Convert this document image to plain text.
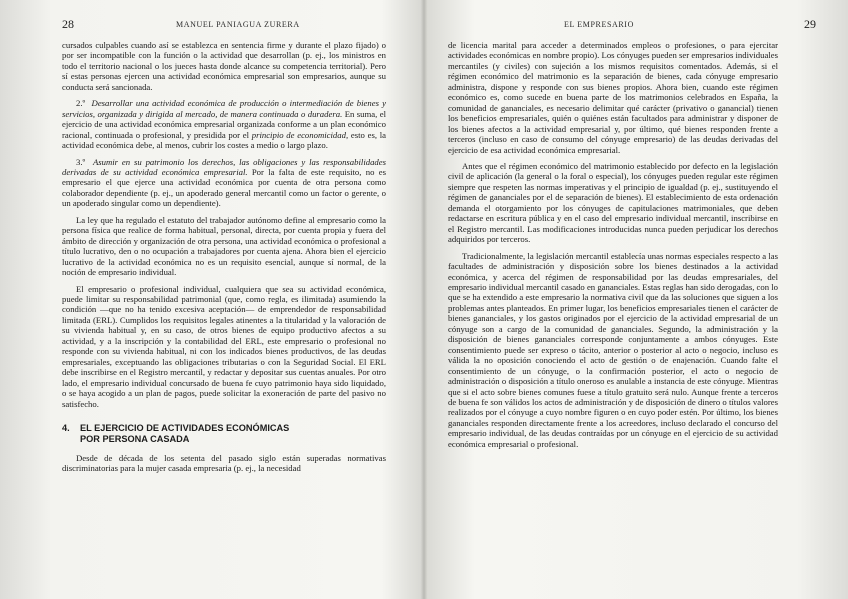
28	MANUEL PANIAGUA ZURERA

cursados culpables cuando así se establezca en sentencia firme y durante el plazo fijado) o por ser incompatible con la función o la actividad que desarrollan (p. ej., los ministros en todo el territorio nacional o los jueces hasta donde alcance su competencia territorial). Pero sí estas personas ejercen una actividad económica empresarial son empresarios, aunque su conducta será sancionada.

2.º Desarrollar una actividad económica de producción o intermediación de bienes y servicios, organizada y dirigida al mercado, de manera continuada o duradera. En suma, el ejercicio de una actividad económica empresarial organizada conforme a un plan económico racional, continuada o profesional, y presidida por el principio de economicidad, esto es, la actividad económica debe, al menos, cubrir los costes a medio o largo plazo.

3.º Asumir en su patrimonio los derechos, las obligaciones y las responsabilidades derivadas de su actividad económica empresarial. Por la falta de este requisito, no es empresario el que ejerce una actividad económica por cuenta de otra persona como colaborador dependiente (p. ej., un apoderado general mercantil como un factor o gerente, o un apoderado singular como un dependiente).

La ley que ha regulado el estatuto del trabajador autónomo define al empresario como la persona física que realice de forma habitual, personal, directa, por cuenta propia y fuera del ámbito de dirección y organización de otra persona, una actividad económica o profesional a título lucrativo, den o no ocupación a trabajadores por cuenta ajena. Ahora bien el ejercicio lucrativo de la actividad económica no es un requisito esencial, aunque sí normal, de la noción de empresario individual.

El empresario o profesional individual, cualquiera que sea su actividad económica, puede limitar su responsabilidad patrimonial (que, como regla, es ilimitada) asumiendo la condición —que no ha tenido excesiva aceptación— de emprendedor de responsabilidad limitada (ERL). Cumplidos los requisitos legales atinentes a la titularidad y la valoración de su vivienda habitual y, en su caso, de otros bienes de equipo productivo afectos a su actividad, y a la inscripción y la contabilidad del ERL, este empresario o profesional no responde con su vivienda habitual, ni con los indicados bienes productivos, de las deudas empresariales, exceptuando las obligaciones tributarias o con la Seguridad Social. El ERL debe inscribirse en el Registro mercantil, y redactar y depositar sus cuentas anuales. Por otro lado, el empresario individual concursado de buena fe cuyo patrimonio haya sido liquidado, o se haya acogido a un plan de pagos, puede solicitar la exoneración de parte del pasivo no satisfecho.

4. EL EJERCICIO DE ACTIVIDADES ECONÓMICAS
POR PERSONA CASADA

Desde de década de los setenta del pasado siglo están superadas normativas discriminatorias para la mujer casada empresaria (p. ej., la necesidad

EL EMPRESARIO	29

de licencia marital para acceder a determinados empleos o profesiones, o para ejercitar actividades económicas en nombre propio). Los cónyuges pueden ser empresarios individuales mercantiles (y civiles) con sujeción a los mismos requisitos comentados. Además, si el régimen económico del matrimonio es la separación de bienes, cada cónyuge empresario administra, dispone y responde con sus bienes propios. Ahora bien, cuando este régimen económico es, como sucede en buena parte de los matrimonios celebrados en España, la comunidad de gananciales, es necesario delimitar qué carácter (privativo o ganancial) tienen los beneficios empresariales, quién o quiénes están facultados para administrar y disponer de los bienes afectos a la actividad empresarial y, por último, qué bienes responden frente a terceros (incluso en caso de consumo del cónyuge empresario) de las deudas derivadas del ejercicio de esa actividad económica empresarial.

Antes que el régimen económico del matrimonio establecido por defecto en la legislación civil de aplicación (la general o la foral o especial), los cónyuges pueden regular este régimen siempre que respeten las normas imperativas y el principio de igualdad (p. ej., sustituyendo el régimen de gananciales por el de separación de bienes). El establecimiento de esta ordenación demanda el otorgamiento por los cónyuges de capitulaciones matrimoniales, que deben redactarse en escritura pública y en el caso del empresario individual mercantil, inscribirse en el Registro mercantil. Las modificaciones introducidas nunca pueden perjudicar los derechos adquiridos por terceros.

Tradicionalmente, la legislación mercantil establecía unas normas especiales respecto a las facultades de administración y disposición sobre los bienes destinados a la actividad económica, y acerca del régimen de responsabilidad por las deudas empresariales, del empresario individual mercantil casado en gananciales. Estas reglas han sido derogadas, con lo que se ha extendido a este empresario la normativa civil que da las soluciones que siguen a los problemas antes planteados. En primer lugar, los beneficios empresariales tienen el carácter de bienes gananciales, y los gastos originados por el ejercicio de la actividad empresarial de un cónyuge son a cargo de la comunidad de gananciales. Segundo, la administración y la disposición de bienes gananciales corresponde conjuntamente a ambos cónyuges. Este consentimiento puede ser expreso o tácito, anterior o posterior al acto o negocio, incluso es válida la no oposición conociendo el acto de gestión o de enajenación. Cuando falte el consentimiento de un cónyuge, o la confirmación posterior, el acto o negocio de administración o disposición a título oneroso es anulable a instancia de este cónyuge. Mientras que si el acto sobre bienes comunes fuese a título gratuito será nulo. Aunque frente a terceros de buena fe son válidos los actos de administración y de disposición de dinero o títulos valores realizados por el cónyuge a cuyo nombre figuren o en cuyo poder estén. Por último, los bienes gananciales responden directamente frente a los acreedores, incluso declarado el concurso del empresario individual, de las deudas contraídas por un cónyuge en el ejercicio de su actividad económica empresarial o profesional.
